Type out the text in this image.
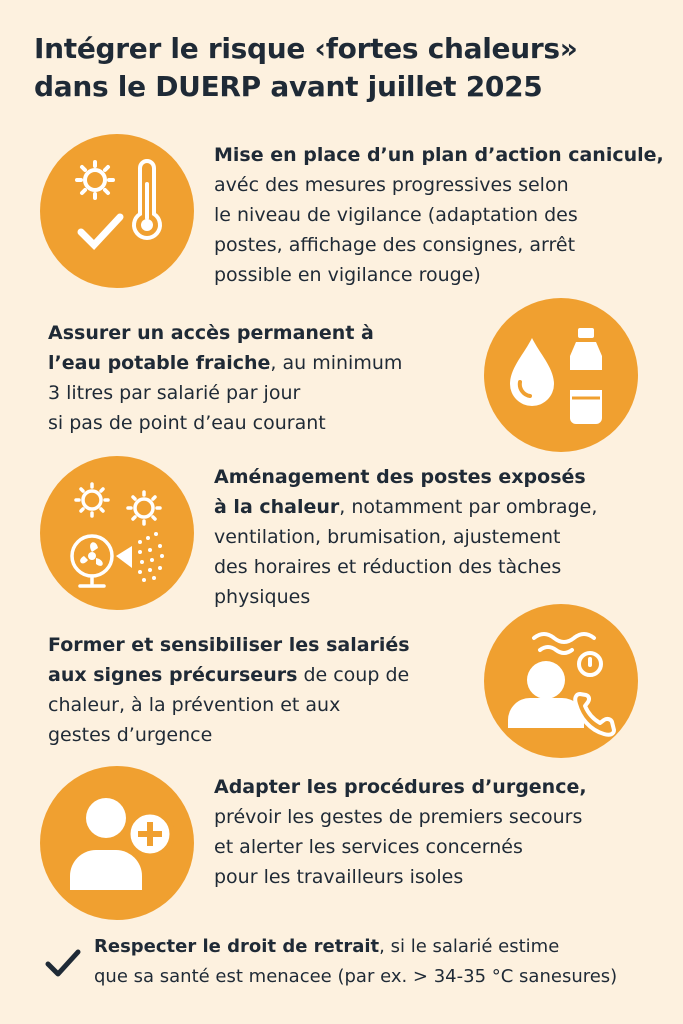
Intégrer le risque ‹fortes chaleurs»
dans le DUERP avant juillet 2025
Mise en place d’un plan d’action canicule,
avéc des mesures progressives selon
le niveau de vigilance (adaptation des
postes, affichage des consignes, arrêt
possible en vigilance rouge)
Assurer un accès permanent à
l’eau potable fraiche, au minimum
3 litres par salarié par jour
si pas de point d’eau courant
Aménagement des postes exposés
à la chaleur, notamment par ombrage,
ventilation, brumisation, ajustement
des horaires et réduction des tàches
physiques
Former et sensibiliser les salariés
aux signes précurseurs de coup de
chaleur, à la prévention et aux
gestes d’urgence
Adapter les procédures d’urgence,
prévoir les gestes de premiers secours
et alerter les services concernés
pour les travailleurs isoles
Respecter le droit de retrait, si le salarié estime
que sa santé est menacee (par ex. > 34-35 °C sanesures)
